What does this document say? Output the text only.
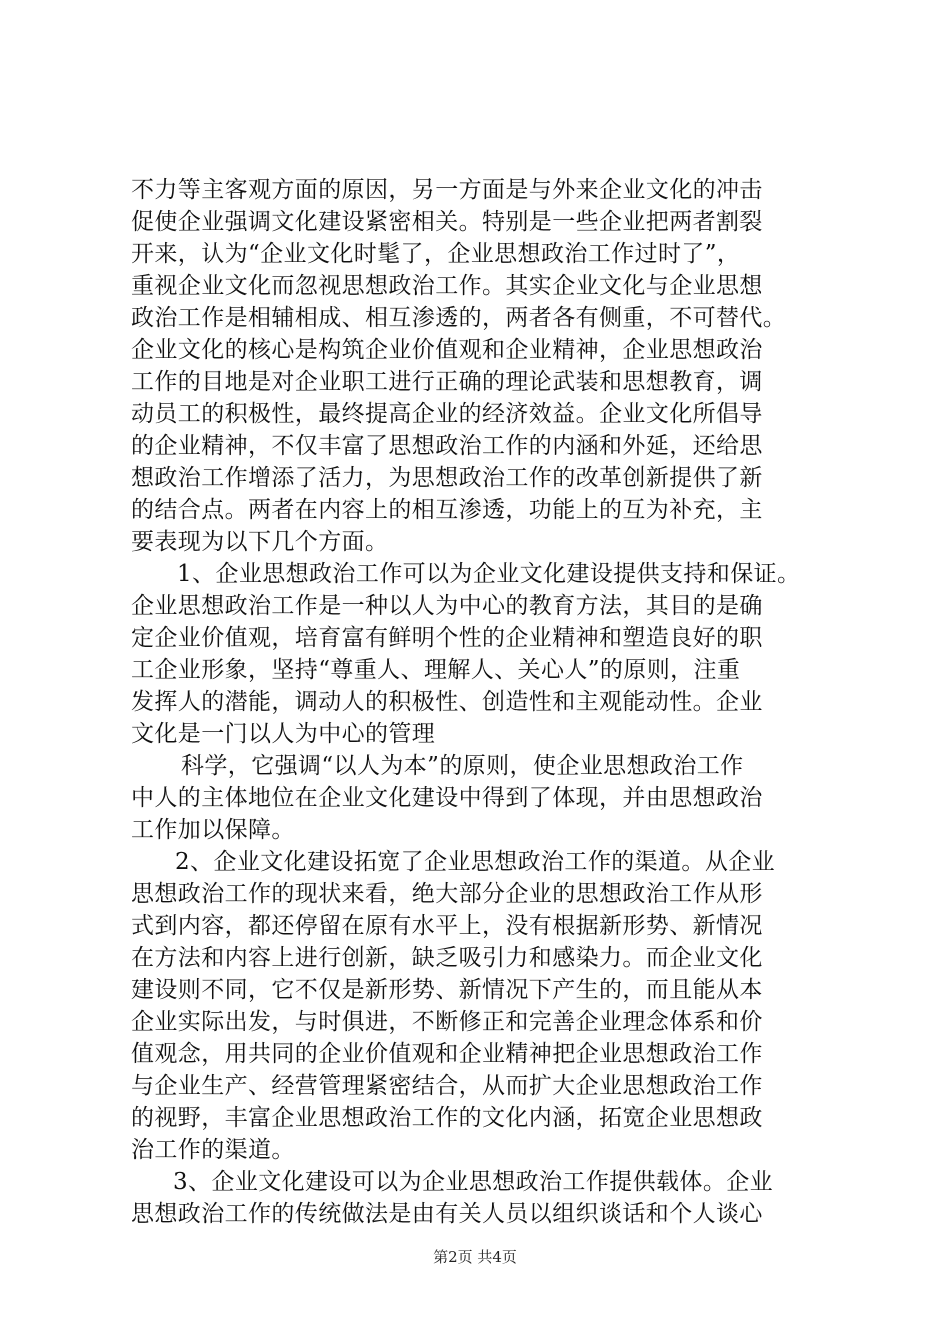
不力等主客观方面的原因，另一方面是与外来企业文化的冲击
促使企业强调文化建设紧密相关。特别是一些企业把两者割裂
开来，认为“企业文化时髦了，企业思想政治工作过时了”，
重视企业文化而忽视思想政治工作。其实企业文化与企业思想
政治工作是相辅相成、相互渗透的，两者各有侧重，不可替代。
企业文化的核心是构筑企业价值观和企业精神，企业思想政治
工作的目地是对企业职工进行正确的理论武装和思想教育，调
动员工的积极性，最终提高企业的经济效益。企业文化所倡导
的企业精神，不仅丰富了思想政治工作的内涵和外延，还给思
想政治工作增添了活力，为思想政治工作的改革创新提供了新
的结合点。两者在内容上的相互渗透，功能上的互为补充，主
要表现为以下几个方面。
1、企业思想政治工作可以为企业文化建设提供支持和保证。
企业思想政治工作是一种以人为中心的教育方法，其目的是确
定企业价值观，培育富有鲜明个性的企业精神和塑造良好的职
工企业形象，坚持“尊重人、理解人、关心人”的原则，注重
发挥人的潜能，调动人的积极性、创造性和主观能动性。企业
文化是一门以人为中心的管理
科学，它强调“以人为本”的原则，使企业思想政治工作
中人的主体地位在企业文化建设中得到了体现，并由思想政治
工作加以保障。
2、企业文化建设拓宽了企业思想政治工作的渠道。从企业
思想政治工作的现状来看，绝大部分企业的思想政治工作从形
式到内容，都还停留在原有水平上，没有根据新形势、新情况
在方法和内容上进行创新，缺乏吸引力和感染力。而企业文化
建设则不同，它不仅是新形势、新情况下产生的，而且能从本
企业实际出发，与时俱进，不断修正和完善企业理念体系和价
值观念，用共同的企业价值观和企业精神把企业思想政治工作
与企业生产、经营管理紧密结合，从而扩大企业思想政治工作
的视野，丰富企业思想政治工作的文化内涵，拓宽企业思想政
治工作的渠道。
3、企业文化建设可以为企业思想政治工作提供载体。企业
思想政治工作的传统做法是由有关人员以组织谈话和个人谈心
第2页 共4页
